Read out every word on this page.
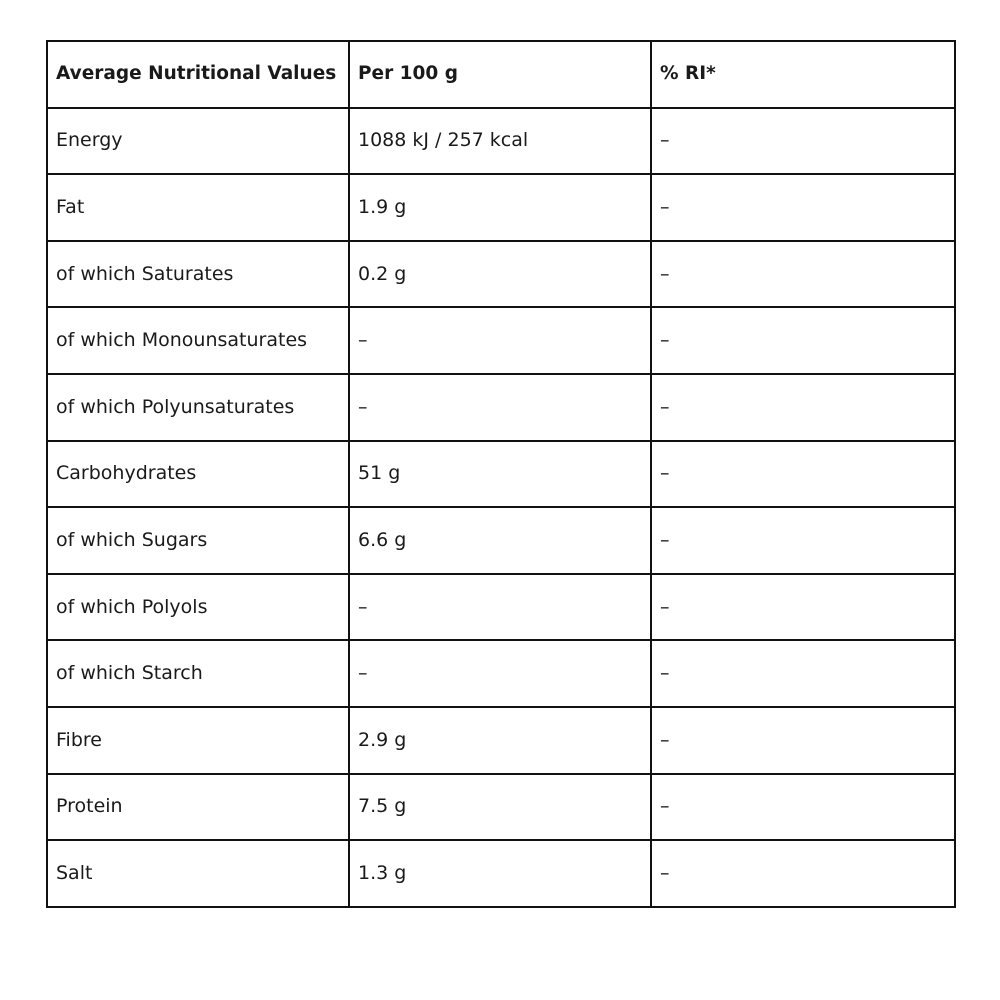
Average Nutritional Values	Per 100 g	% RI*
Energy	1088 kJ / 257 kcal	–
Fat	1.9 g	–
of which Saturates	0.2 g	–
of which Monounsaturates	–	–
of which Polyunsaturates	–	–
Carbohydrates	51 g	–
of which Sugars	6.6 g	–
of which Polyols	–	–
of which Starch	–	–
Fibre	2.9 g	–
Protein	7.5 g	–
Salt	1.3 g	–
